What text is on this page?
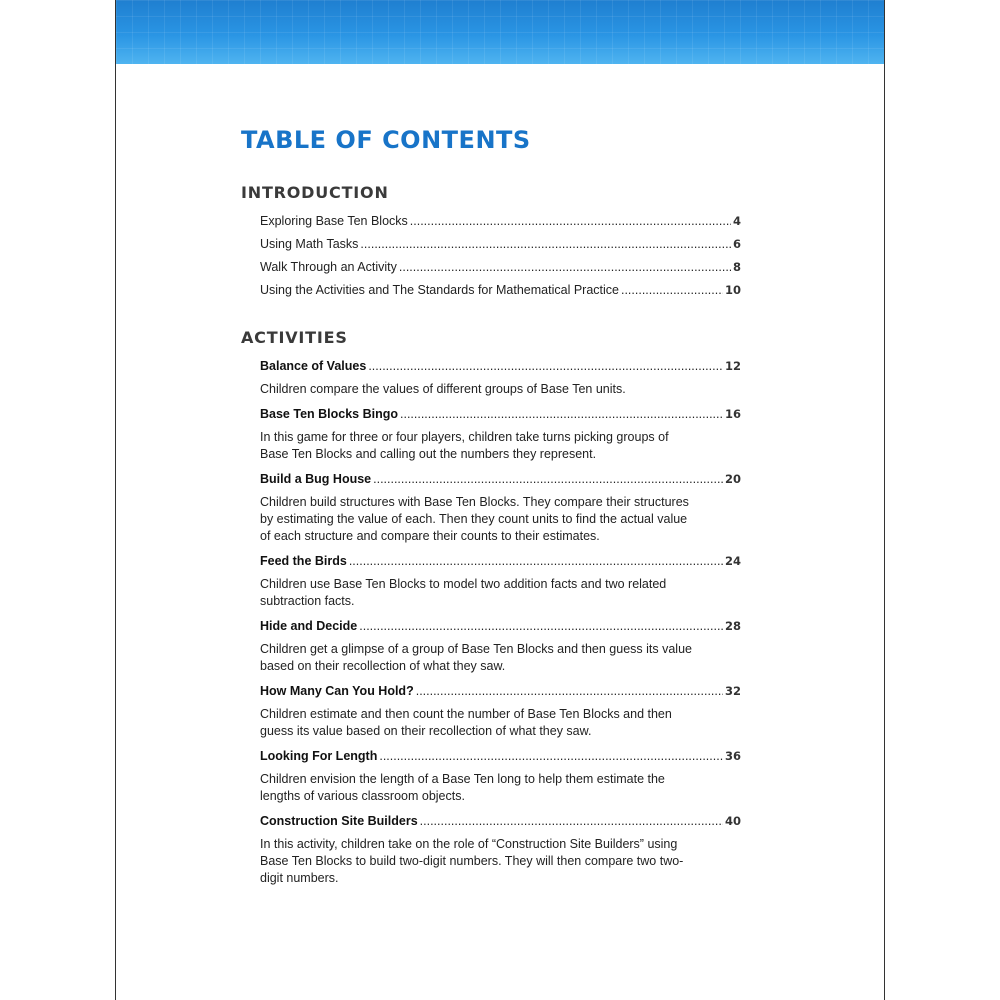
TABLE OF CONTENTS
INTRODUCTION
Exploring Base Ten Blocks .....	4
Using Math Tasks .....	6
Walk Through an Activity .....	8
Using the Activities and The Standards for Mathematical Practice .....	10
ACTIVITIES
Balance of Values .....	12

Children compare the values of different groups of Base Ten units.

Base Ten Blocks Bingo .....	16

In this game for three or four players, children take turns picking groups of Base Ten Blocks and calling out the numbers they represent.

Build a Bug House .....	20

Children build structures with Base Ten Blocks. They compare their structures by estimating the value of each. Then they count units to find the actual value of each structure and compare their counts to their estimates.

Feed the Birds .....	24

Children use Base Ten Blocks to model two addition facts and two related subtraction facts.

Hide and Decide .....	28

Children get a glimpse of a group of Base Ten Blocks and then guess its value based on their recollection of what they saw.

How Many Can You Hold? .....	32

Children estimate and then count the number of Base Ten Blocks and then guess its value based on their recollection of what they saw.

Looking For Length .....	36

Children envision the length of a Base Ten long to help them estimate the lengths of various classroom objects.

Construction Site Builders .....	40

In this activity, children take on the role of “Construction Site Builders” using Base Ten Blocks to build two-digit numbers. They will then compare two two-digit numbers.
